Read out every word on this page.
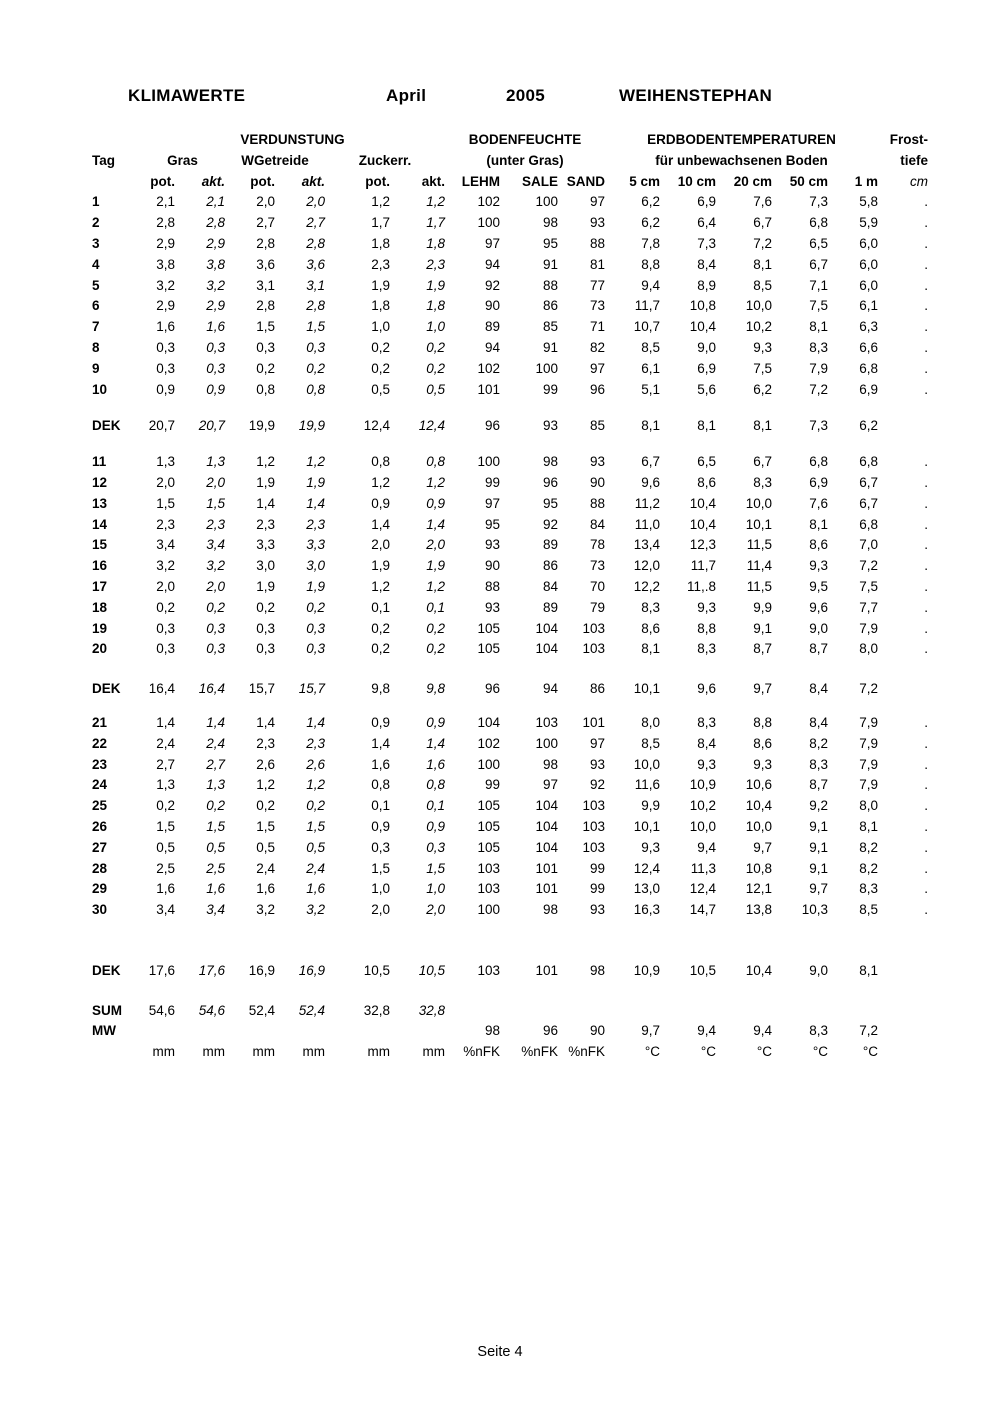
KLIMAWERTE	April	2005	WEIHENSTEPHAN
	VERDUNSTUNG						BODENFEUCHTE			ERDBODENTEMPERATUREN					Frost-
Tag	Gras		WGetreide		Zuckerr.		(unter Gras)			für unbewachsenen Boden					tiefe
	pot.	akt.	pot.	akt.	pot.	akt.	LEHM	SALE	SAND	5 cm	10 cm	20 cm	50 cm	1 m	cm
1	2,1	2,1	2,0	2,0	1,2	1,2	102	100	97	6,2	6,9	7,6	7,3	5,8	.
2	2,8	2,8	2,7	2,7	1,7	1,7	100	98	93	6,2	6,4	6,7	6,8	5,9	.
3	2,9	2,9	2,8	2,8	1,8	1,8	97	95	88	7,8	7,3	7,2	6,5	6,0	.
4	3,8	3,8	3,6	3,6	2,3	2,3	94	91	81	8,8	8,4	8,1	6,7	6,0	.
5	3,2	3,2	3,1	3,1	1,9	1,9	92	88	77	9,4	8,9	8,5	7,1	6,0	.
6	2,9	2,9	2,8	2,8	1,8	1,8	90	86	73	11,7	10,8	10,0	7,5	6,1	.
7	1,6	1,6	1,5	1,5	1,0	1,0	89	85	71	10,7	10,4	10,2	8,1	6,3	.
8	0,3	0,3	0,3	0,3	0,2	0,2	94	91	82	8,5	9,0	9,3	8,3	6,6	.
9	0,3	0,3	0,2	0,2	0,2	0,2	102	100	97	6,1	6,9	7,5	7,9	6,8	.
10	0,9	0,9	0,8	0,8	0,5	0,5	101	99	96	5,1	5,6	6,2	7,2	6,9	.

DEK	20,7	20,7	19,9	19,9	12,4	12,4	96	93	85	8,1	8,1	8,1	7,3	6,2	

11	1,3	1,3	1,2	1,2	0,8	0,8	100	98	93	6,7	6,5	6,7	6,8	6,8	.
12	2,0	2,0	1,9	1,9	1,2	1,2	99	96	90	9,6	8,6	8,3	6,9	6,7	.
13	1,5	1,5	1,4	1,4	0,9	0,9	97	95	88	11,2	10,4	10,0	7,6	6,7	.
14	2,3	2,3	2,3	2,3	1,4	1,4	95	92	84	11,0	10,4	10,1	8,1	6,8	.
15	3,4	3,4	3,3	3,3	2,0	2,0	93	89	78	13,4	12,3	11,5	8,6	7,0	.
16	3,2	3,2	3,0	3,0	1,9	1,9	90	86	73	12,0	11,7	11,4	9,3	7,2	.
17	2,0	2,0	1,9	1,9	1,2	1,2	88	84	70	12,2	11,.8	11,5	9,5	7,5	.
18	0,2	0,2	0,2	0,2	0,1	0,1	93	89	79	8,3	9,3	9,9	9,6	7,7	.
19	0,3	0,3	0,3	0,3	0,2	0,2	105	104	103	8,6	8,8	9,1	9,0	7,9	.
20	0,3	0,3	0,3	0,3	0,2	0,2	105	104	103	8,1	8,3	8,7	8,7	8,0	.

DEK	16,4	16,4	15,7	15,7	9,8	9,8	96	94	86	10,1	9,6	9,7	8,4	7,2	

21	1,4	1,4	1,4	1,4	0,9	0,9	104	103	101	8,0	8,3	8,8	8,4	7,9	.
22	2,4	2,4	2,3	2,3	1,4	1,4	102	100	97	8,5	8,4	8,6	8,2	7,9	.
23	2,7	2,7	2,6	2,6	1,6	1,6	100	98	93	10,0	9,3	9,3	8,3	7,9	.
24	1,3	1,3	1,2	1,2	0,8	0,8	99	97	92	11,6	10,9	10,6	8,7	7,9	.
25	0,2	0,2	0,2	0,2	0,1	0,1	105	104	103	9,9	10,2	10,4	9,2	8,0	.
26	1,5	1,5	1,5	1,5	0,9	0,9	105	104	103	10,1	10,0	10,0	9,1	8,1	.
27	0,5	0,5	0,5	0,5	0,3	0,3	105	104	103	9,3	9,4	9,7	9,1	8,2	.
28	2,5	2,5	2,4	2,4	1,5	1,5	103	101	99	12,4	11,3	10,8	9,1	8,2	.
29	1,6	1,6	1,6	1,6	1,0	1,0	103	101	99	13,0	12,4	12,1	9,7	8,3	.
30	3,4	3,4	3,2	3,2	2,0	2,0	100	98	93	16,3	14,7	13,8	10,3	8,5	.

DEK	17,6	17,6	16,9	16,9	10,5	10,5	103	101	98	10,9	10,5	10,4	9,0	8,1	

SUM	54,6	54,6	52,4	52,4	32,8	32,8									
MW							98	96	90	9,7	9,4	9,4	8,3	7,2	
	mm	mm	mm	mm	mm	mm	%nFK	%nFK	%nFK	°C	°C	°C	°C	°C	
Seite 4
